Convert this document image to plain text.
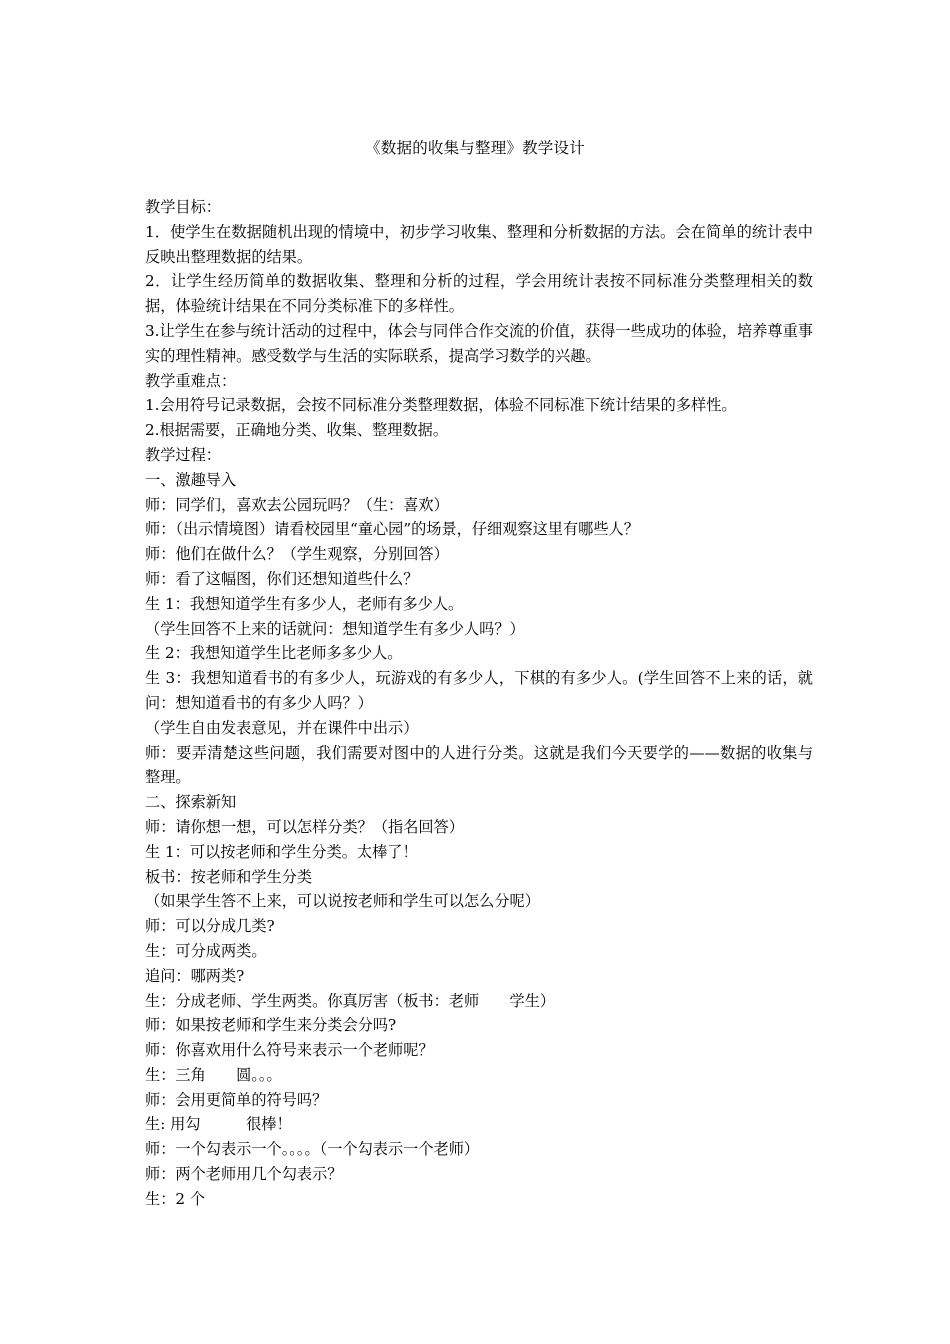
《数据的收集与整理》教学设计

教学目标：

1．使学生在数据随机出现的情境中，初步学习收集、整理和分析数据的方法。会在简单的统计表中反映出整理数据的结果。

2．让学生经历简单的数据收集、整理和分析的过程，学会用统计表按不同标准分类整理相关的数据，体验统计结果在不同分类标准下的多样性。

3.让学生在参与统计活动的过程中，体会与同伴合作交流的价值，获得一些成功的体验，培养尊重事实的理性精神。感受数学与生活的实际联系，提高学习数学的兴趣。

教学重难点：

1.会用符号记录数据，会按不同标准分类整理数据，体验不同标准下统计结果的多样性。

2.根据需要，正确地分类、收集、整理数据。

教学过程：

一、激趣导入

师：同学们，喜欢去公园玩吗？（生：喜欢）

师：（出示情境图）请看校园里“童心园”的场景，仔细观察这里有哪些人？

师：他们在做什么？（学生观察，分别回答）

师：看了这幅图，你们还想知道些什么？

生 1：我想知道学生有多少人，老师有多少人。

（学生回答不上来的话就问：想知道学生有多少人吗？）

生 2：我想知道学生比老师多多少人。

生 3：我想知道看书的有多少人，玩游戏的有多少人，下棋的有多少人。(学生回答不上来的话，就问：想知道看书的有多少人吗？）

（学生自由发表意见，并在课件中出示）

师：要弄清楚这些问题，我们需要对图中的人进行分类。这就是我们今天要学的——数据的收集与整理。

二、探索新知

师：请你想一想，可以怎样分类？（指名回答）

生 1：可以按老师和学生分类。太棒了！

板书：按老师和学生分类

（如果学生答不上来，可以说按老师和学生可以怎么分呢）

师：可以分成几类?

生：可分成两类。

追问：哪两类?

生：分成老师、学生两类。你真厉害（板书：老师　　学生）

师：如果按老师和学生来分类会分吗?

师：你喜欢用什么符号来表示一个老师呢？

生：三角　　圆。。。

师：会用更简单的符号吗？

生: 用勾　　　很棒！

师：一个勾表示一个。。。。（一个勾表示一个老师）

师：两个老师用几个勾表示？

生：2 个
